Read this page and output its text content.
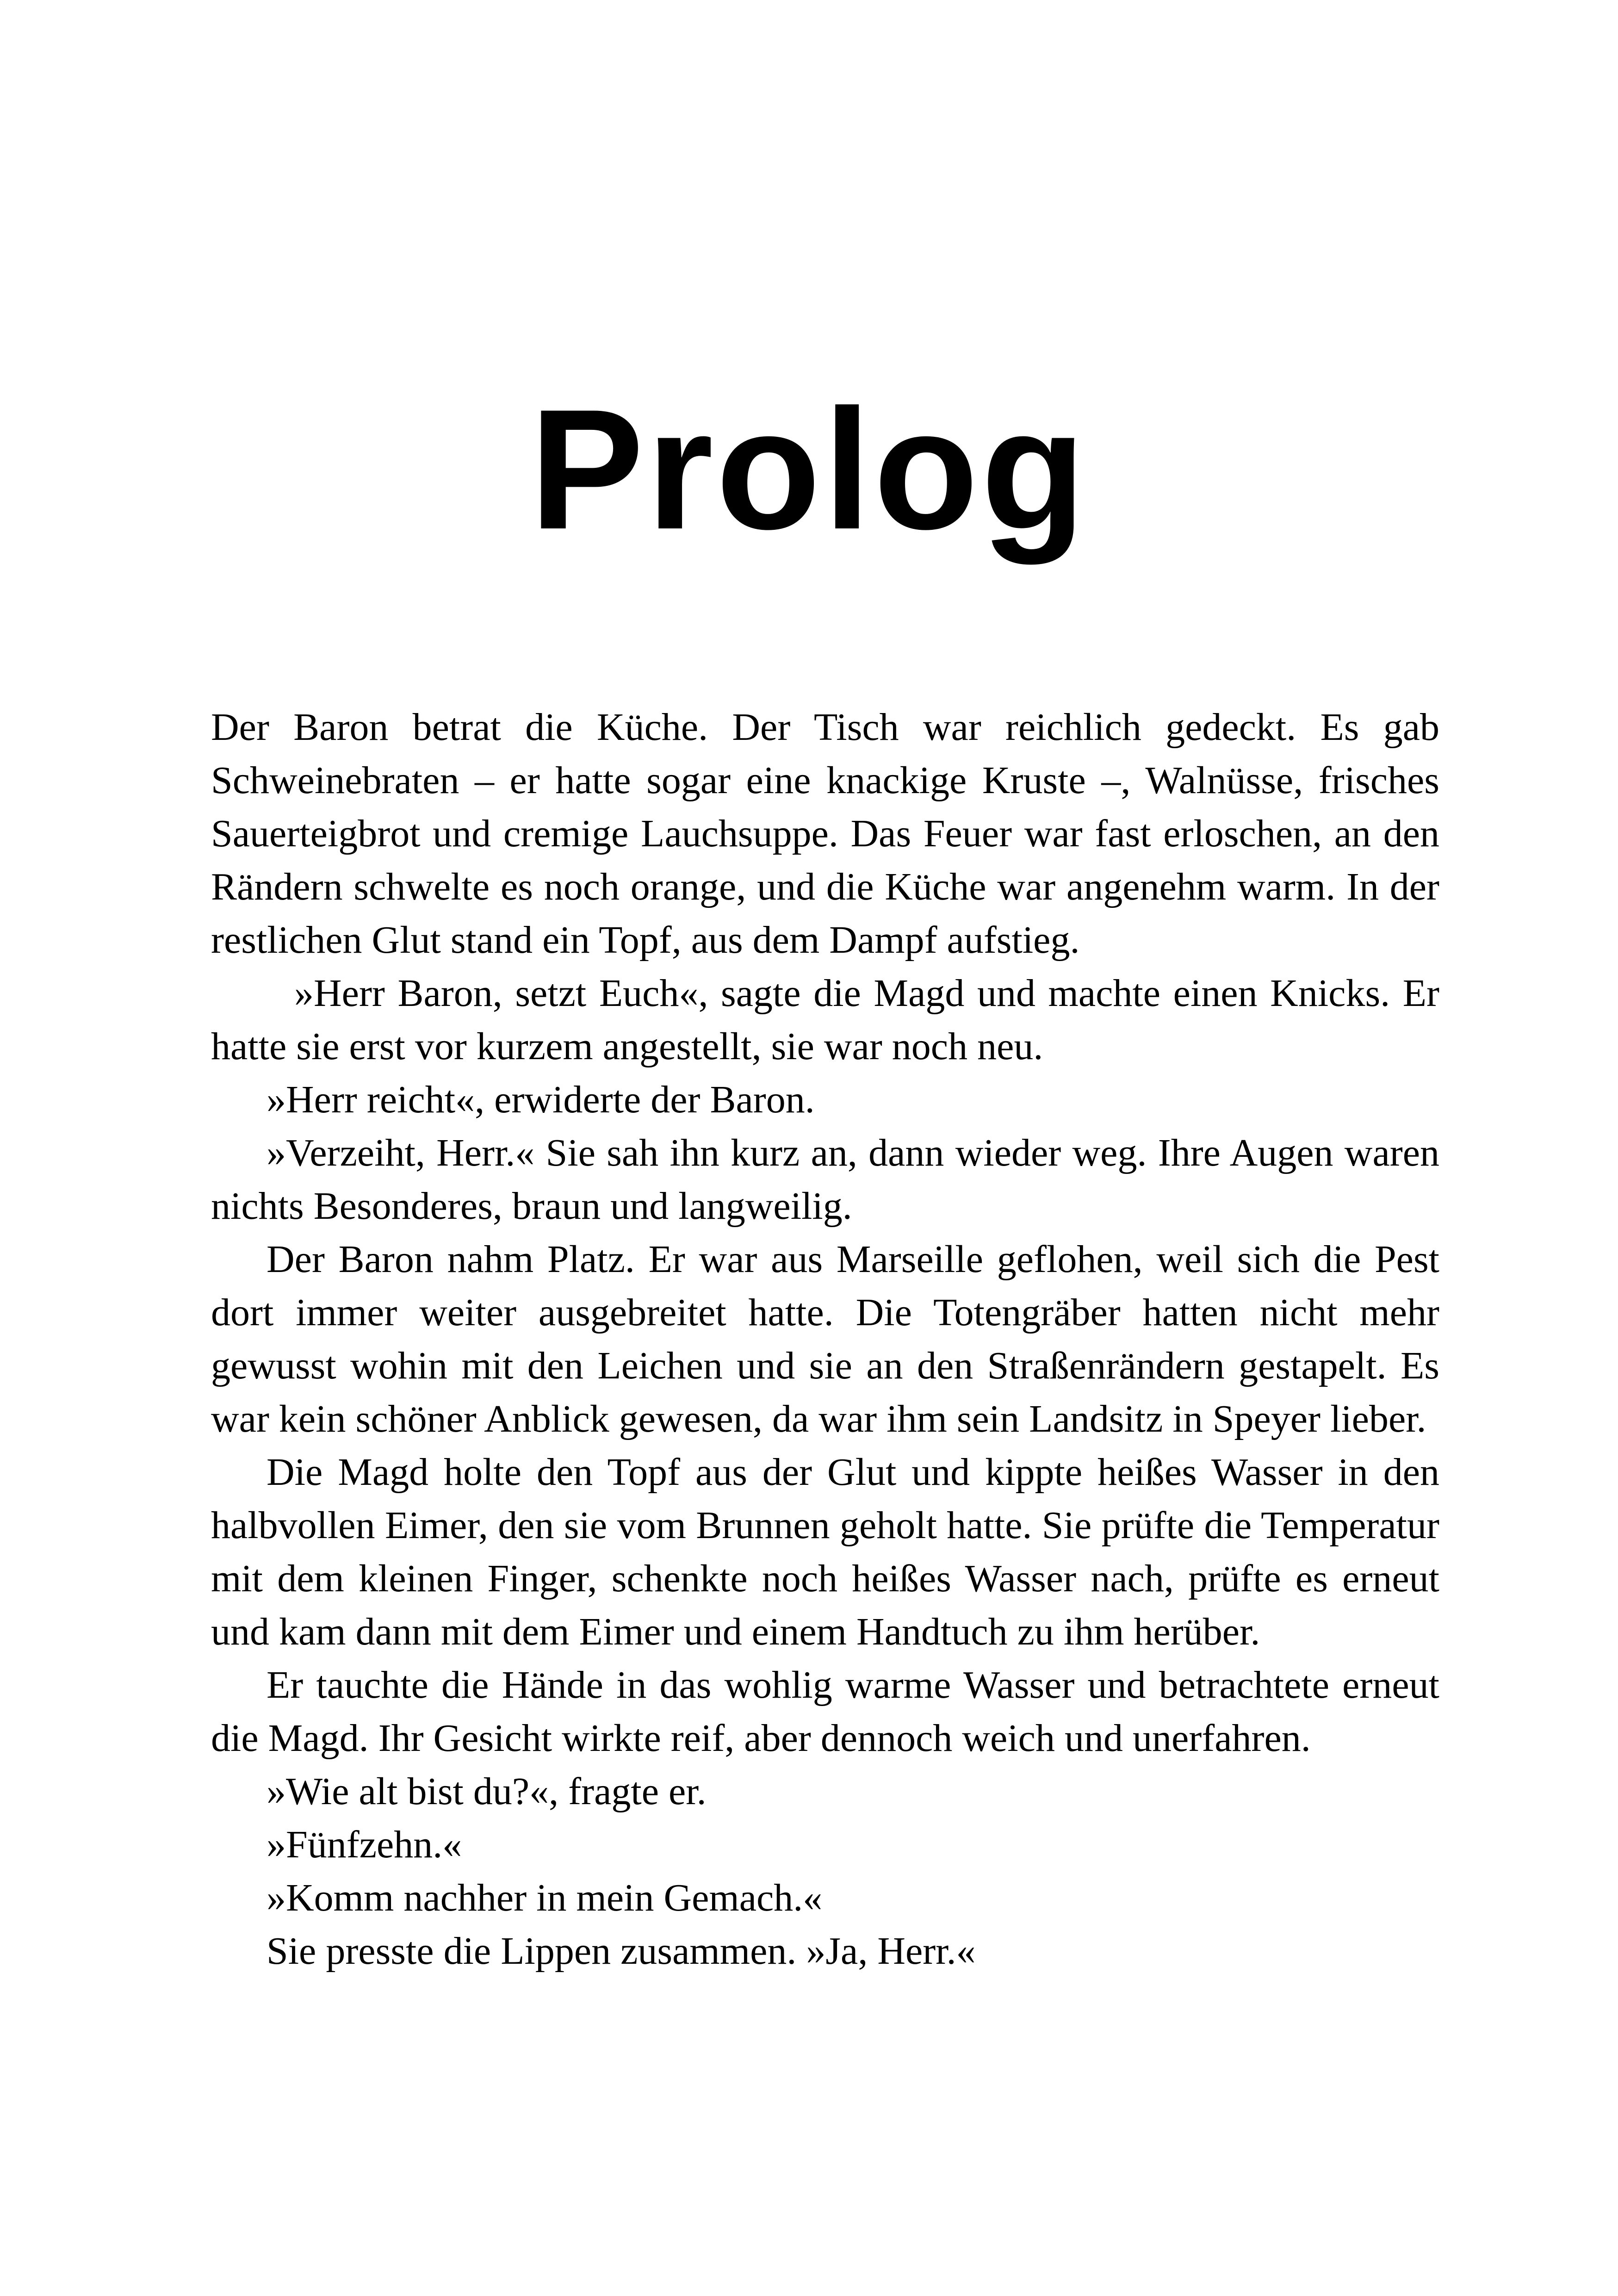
Prolog

Der Baron betrat die Küche. Der Tisch war reichlich gedeckt. Es gab Schweinebraten – er hatte sogar eine knackige Kruste –, Walnüsse, frisches Sauerteigbrot und cremige Lauchsuppe. Das Feuer war fast erloschen, an den Rändern schwelte es noch orange, und die Küche war angenehm warm. In der restlichen Glut stand ein Topf, aus dem Dampf aufstieg.

»Herr Baron, setzt Euch«, sagte die Magd und machte einen Knicks. Er hatte sie erst vor kurzem angestellt, sie war noch neu.

»Herr reicht«, erwiderte der Baron.

»Verzeiht, Herr.« Sie sah ihn kurz an, dann wieder weg. Ihre Augen waren nichts Besonderes, braun und langweilig.

Der Baron nahm Platz. Er war aus Marseille geflohen, weil sich die Pest dort immer weiter ausgebreitet hatte. Die Totengräber hatten nicht mehr gewusst wohin mit den Leichen und sie an den Straßenrändern gestapelt. Es war kein schöner Anblick gewesen, da war ihm sein Landsitz in Speyer lieber.

Die Magd holte den Topf aus der Glut und kippte heißes Wasser in den halbvollen Eimer, den sie vom Brunnen geholt hatte. Sie prüfte die Temperatur mit dem kleinen Finger, schenkte noch heißes Wasser nach, prüfte es erneut und kam dann mit dem Eimer und einem Handtuch zu ihm herüber.

Er tauchte die Hände in das wohlig warme Wasser und betrachtete erneut die Magd. Ihr Gesicht wirkte reif, aber dennoch weich und unerfahren.

»Wie alt bist du?«, fragte er.

»Fünfzehn.«

»Komm nachher in mein Gemach.«

Sie presste die Lippen zusammen. »Ja, Herr.«
